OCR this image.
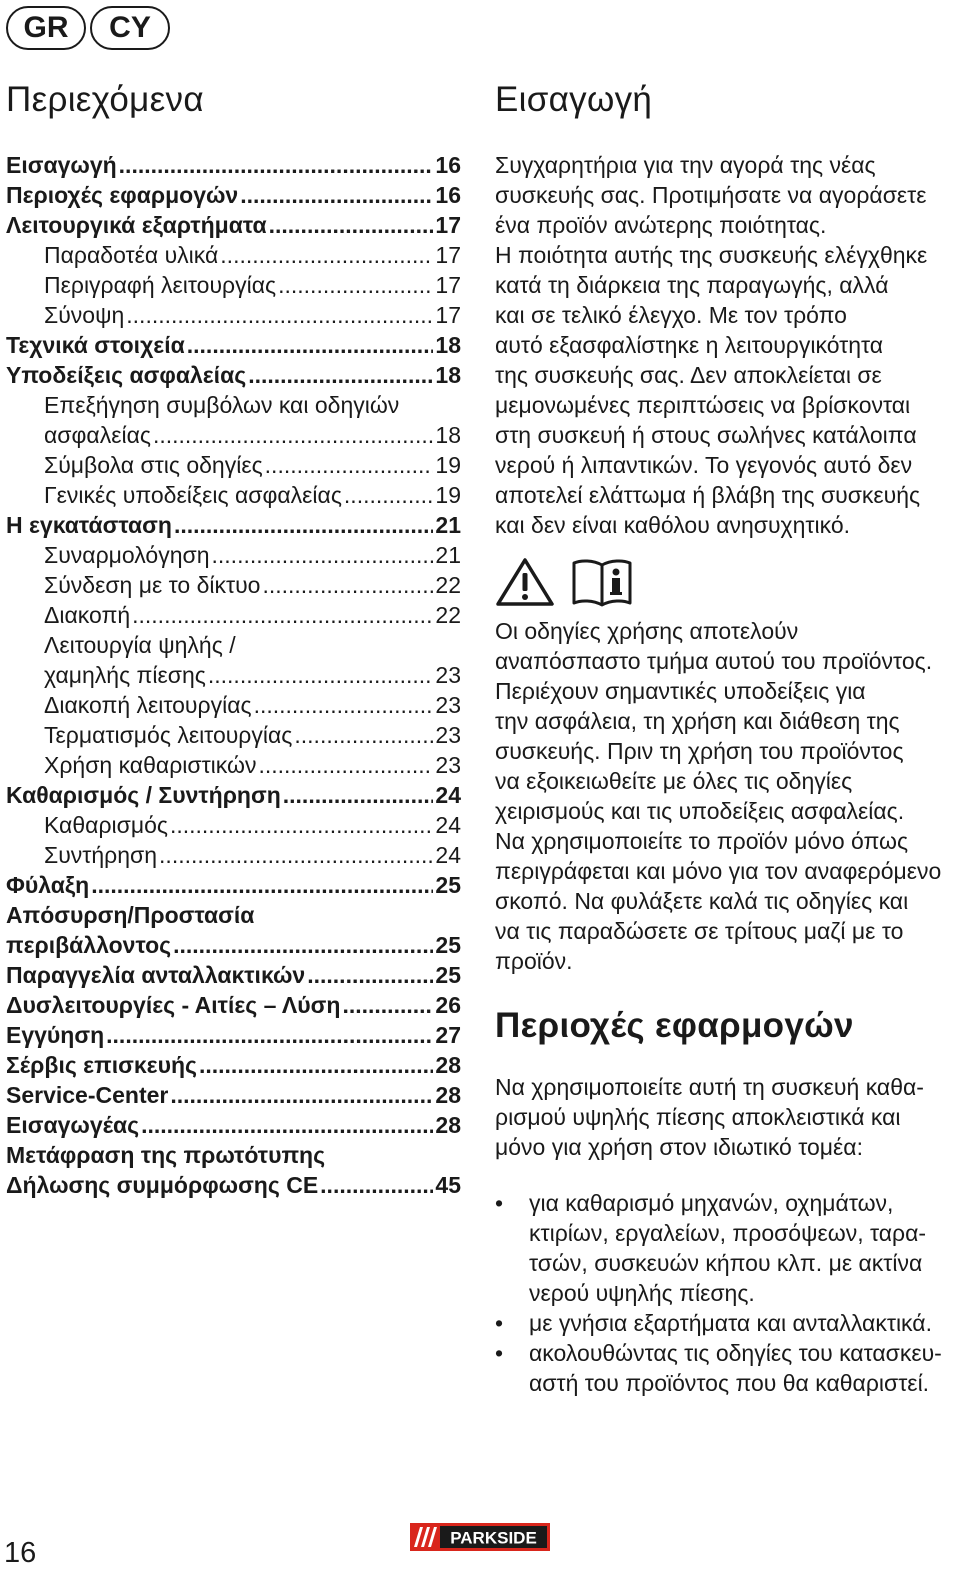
GR	CY
Περιεχόμενα
Εισαγωγή .....	16
Περιοχές εφαρμογών .....	16
Λειτουργικά εξαρτήματα .....	17
Παραδοτέα υλικά .....	17
Περιγραφή λειτουργίας .....	17
Σύνοψη .....	17
Τεχνικά στοιχεία .....	18
Υποδείξεις ασφαλείας .....	18
Επεξήγηση συμβόλων και οδηγιών
ασφαλείας .....	18
Σύμβολα στις οδηγίες .....	19
Γενικές υποδείξεις ασφαλείας .....	19
Η εγκατάσταση .....	21
Συναρμολόγηση .....	21
Σύνδεση με το δίκτυο .....	22
Διακοπή .....	22
Λειτουργία ψηλής /
χαμηλής πίεσης .....	23
Διακοπή λειτουργίας .....	23
Τερματισμός λειτουργίας .....	23
Χρήση καθαριστικών .....	23
Καθαρισμός / Συντήρηση .....	24
Καθαρισμός .....	24
Συντήρηση .....	24
Φύλαξη .....	25
Απόσυρση/Προστασία
περιβάλλοντος .....	25
Παραγγελία ανταλλακτικών .....	25
Δυσλειτουργίες - Αιτίες – Λύση .....	26
Εγγύηση .....	27
Σέρβις επισκευής .....	28
Service-Center .....	28
Εισαγωγέας .....	28
Μετάφραση της πρωτότυπης
Δήλωσης συμμόρφωσης CE .....	45
Εισαγωγή

Συγχαρητήρια για την αγορά της νέας

συσκευής σας. Προτιμήσατε να αγοράσετε

ένα προϊόν ανώτερης ποιότητας.

Η ποιότητα αυτής της συσκευής ελέγχθηκε

κατά τη διάρκεια της παραγωγής, αλλά

και σε τελικό έλεγχο. Με τον τρόπο

αυτό εξασφαλίστηκε η λειτουργικότητα

της συσκευής σας. Δεν αποκλείεται σε

μεμονωμένες περιπτώσεις να βρίσκονται

στη συσκευή ή στους σωλήνες κατάλοιπα

νερού ή λιπαντικών. Το γεγονός αυτό δεν

αποτελεί ελάττωμα ή βλάβη της συσκευής

και δεν είναι καθόλου ανησυχητικό.

Οι οδηγίες χρήσης αποτελούν

αναπόσπαστο τμήμα αυτού του προϊόντος.

Περιέχουν σημαντικές υποδείξεις για

την ασφάλεια, τη χρήση και διάθεση της

συσκευής. Πριν τη χρήση του προϊόντος

να εξοικειωθείτε με όλες τις οδηγίες

χειρισμούς και τις υποδείξεις ασφαλείας.

Να χρησιμοποιείτε το προϊόν μόνο όπως

περιγράφεται και μόνο για τον αναφερόμενο

σκοπό. Να φυλάξετε καλά τις οδηγίες και

να τις παραδώσετε σε τρίτους μαζί με το

προϊόν.

Περιοχές εφαρμογών

Να χρησιμοποιείτε αυτή τη συσκευή καθα-

ρισμού υψηλής πίεσης αποκλειστικά και

μόνο για χρήση στον ιδιωτικό τομέα:

• για καθαρισμό μηχανών, οχημάτων,
κτιρίων, εργαλείων, προσόψεων, ταρα-
τσών, συσκευών κήπου κλπ. με ακτίνα
νερού υψηλής πίεσης.
• με γνήσια εξαρτήματα και ανταλλακτικά.
• ακολουθώντας τις οδηγίες του κατασκευ-
αστή του προϊόντος που θα καθαριστεί.
16	PARKSIDE
